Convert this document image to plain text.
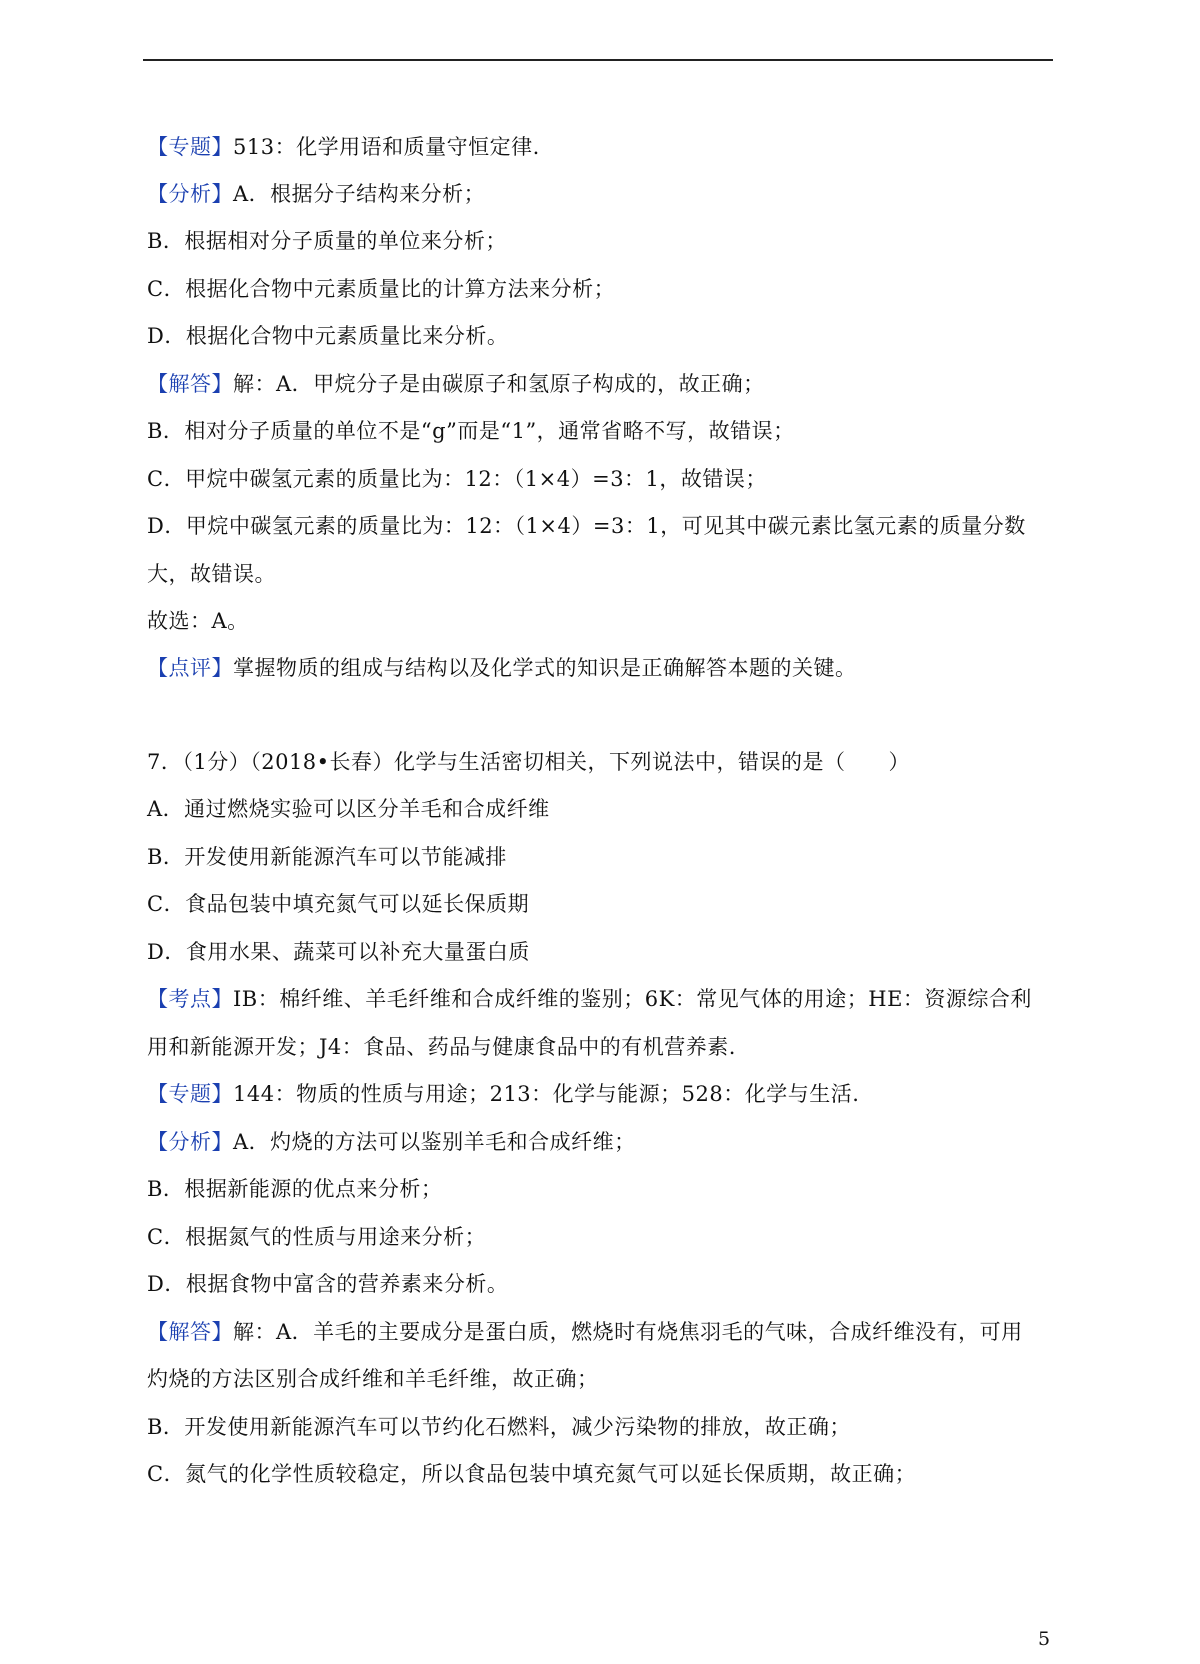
【专题】513：化学用语和质量守恒定律.
【分析】A．根据分子结构来分析；
B．根据相对分子质量的单位来分析；
C．根据化合物中元素质量比的计算方法来分析；
D．根据化合物中元素质量比来分析。
【解答】解：A．甲烷分子是由碳原子和氢原子构成的，故正确；
B．相对分子质量的单位不是“g”而是“1”，通常省略不写，故错误；
C．甲烷中碳氢元素的质量比为：12：（1×4）=3：1，故错误；
D．甲烷中碳氢元素的质量比为：12：（1×4）=3：1，可见其中碳元素比氢元素的质量分数
大，故错误。
故选：A。
【点评】掌握物质的组成与结构以及化学式的知识是正确解答本题的关键。
7．（1分）（2018•长春）化学与生活密切相关，下列说法中，错误的是（　　）
A．通过燃烧实验可以区分羊毛和合成纤维
B．开发使用新能源汽车可以节能减排
C．食品包装中填充氮气可以延长保质期
D．食用水果、蔬菜可以补充大量蛋白质
【考点】IB：棉纤维、羊毛纤维和合成纤维的鉴别；6K：常见气体的用途；HE：资源综合利
用和新能源开发；J4：食品、药品与健康食品中的有机营养素.
【专题】144：物质的性质与用途；213：化学与能源；528：化学与生活.
【分析】A．灼烧的方法可以鉴别羊毛和合成纤维；
B．根据新能源的优点来分析；
C．根据氮气的性质与用途来分析；
D．根据食物中富含的营养素来分析。
【解答】解：A．羊毛的主要成分是蛋白质，燃烧时有烧焦羽毛的气味，合成纤维没有，可用
灼烧的方法区别合成纤维和羊毛纤维，故正确；
B．开发使用新能源汽车可以节约化石燃料，减少污染物的排放，故正确；
C．氮气的化学性质较稳定，所以食品包装中填充氮气可以延长保质期，故正确；
5
